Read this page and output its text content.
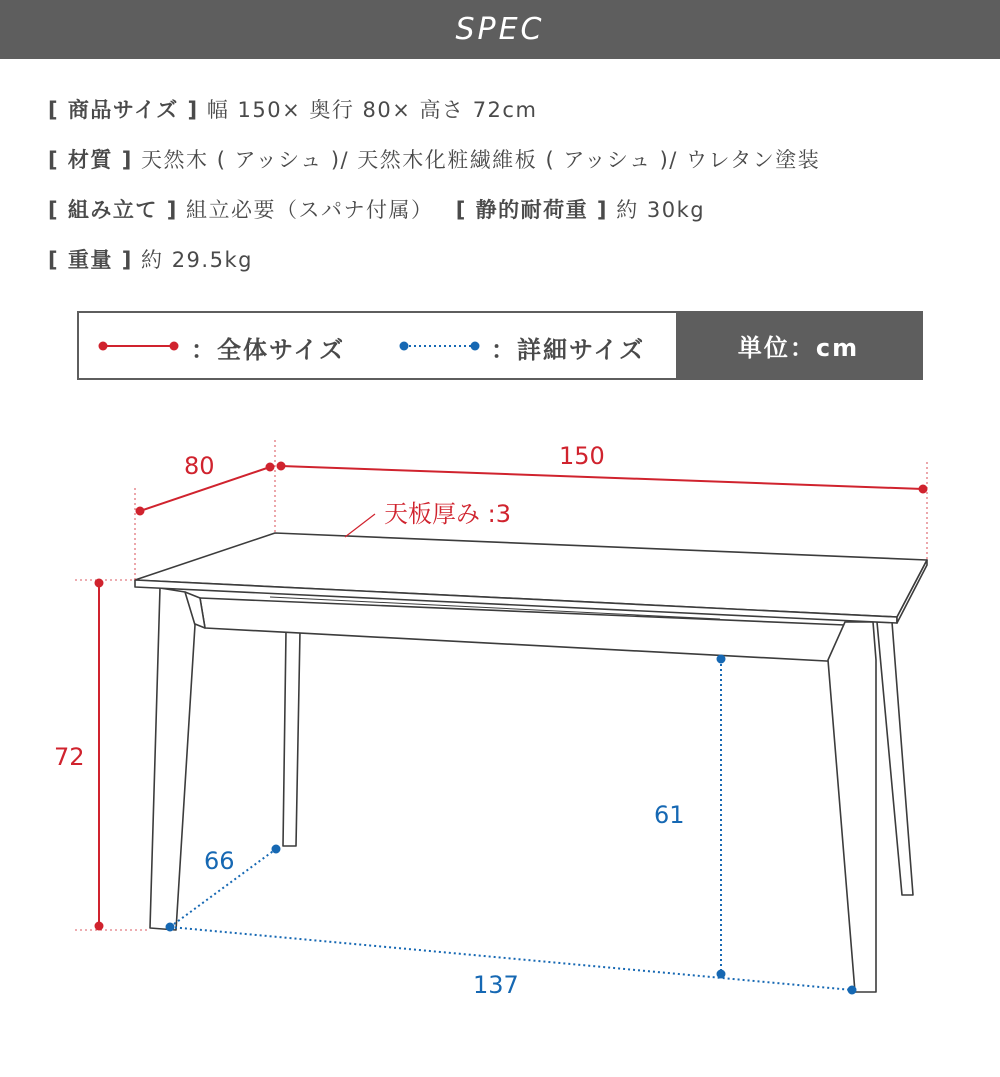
SPEC
[ 商品サイズ ] 幅 150× 奥行 80× 高さ 72cm
[ 材質 ] 天然木 ( アッシュ )/ 天然木化粧繊維板 ( アッシュ )/ ウレタン塗装
[ 組み立て ] 組立必要（スパナ付属） [ 静的耐荷重 ] 約 30kg
[ 重量 ] 約 29.5kg
：全体サイズ	：詳細サイズ	単位：cm
80	150
天板厚み :3
72
61
66
137
